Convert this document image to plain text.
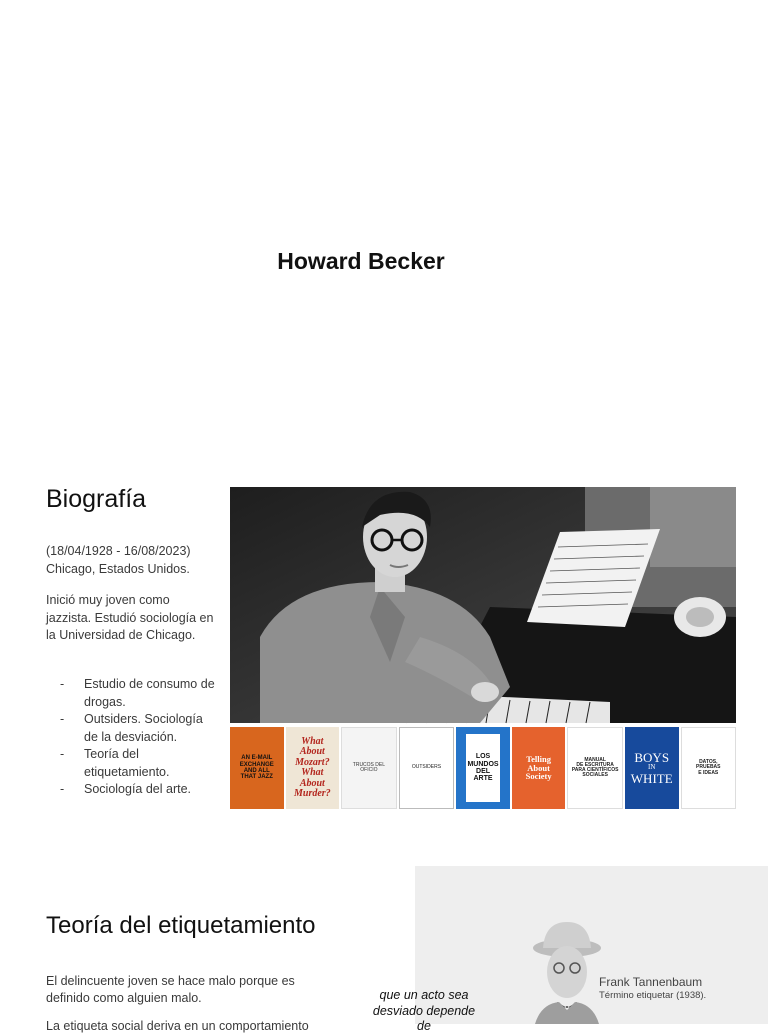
Howard Becker
Biografía

(18/04/1928 - 16/08/2023) Chicago, Estados Unidos.

Inició muy joven como jazzista. Estudió sociología en la Universidad de Chicago.

- Estudio de consumo de drogas.
- Outsiders. Sociología de la desviación.
- Teoría del etiquetamiento.
- Sociología del arte.
AN E-MAIL
EXCHANGE
AND ALL
THAT JAZZ
What
About
Mozart?
What
About
Murder?
TRUCOS DEL OFICIO	OUTSIDERS
LOS MUNDOS
DEL
ARTE
Telling
About
Society
MANUAL
DE ESCRITURA
PARA CIENTÍFICOS
SOCIALES
BOYS
IN
WHITE
DATOS,
PRUEBAS
E IDEAS
Frank Tannenbaum
Término etiquetar (1938).
Teoría del etiquetamiento

El delincuente joven se hace malo porque es definido como alguien malo.

La etiqueta social deriva en un comportamiento

que un acto sea desviado depende de
